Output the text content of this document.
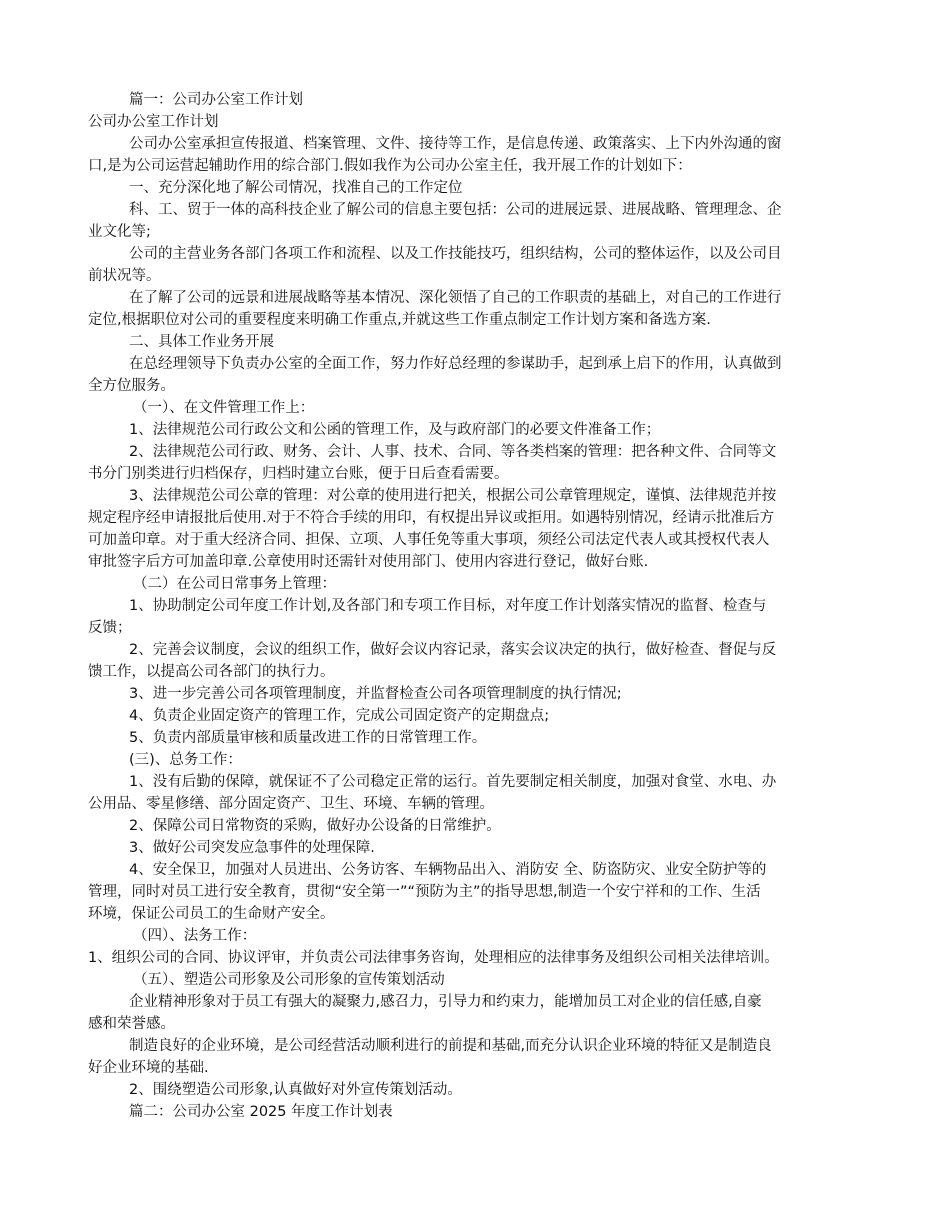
篇一：公司办公室工作计划
公司办公室工作计划
公司办公室承担宣传报道、档案管理、文件、接待等工作，是信息传递、政策落实、上下内外沟通的窗
口,是为公司运营起辅助作用的综合部门.假如我作为公司办公室主任，我开展工作的计划如下：
一、充分深化地了解公司情况，找准自己的工作定位
科、工、贸于一体的高科技企业了解公司的信息主要包括：公司的进展远景、进展战略、管理理念、企
业文化等;
公司的主营业务各部门各项工作和流程、以及工作技能技巧，组织结构，公司的整体运作，以及公司目
前状况等。
在了解了公司的远景和进展战略等基本情况、深化领悟了自己的工作职责的基础上，对自己的工作进行
定位,根据职位对公司的重要程度来明确工作重点,并就这些工作重点制定工作计划方案和备选方案.
二、具体工作业务开展
在总经理领导下负责办公室的全面工作，努力作好总经理的参谋助手，起到承上启下的作用，认真做到
全方位服务。
（一）、在文件管理工作上：
1、法律规范公司行政公文和公函的管理工作，及与政府部门的必要文件准备工作；
2、法律规范公司行政、财务、会计、人事、技术、合同、等各类档案的管理：把各种文件、合同等文
书分门别类进行归档保存，归档时建立台账，便于日后查看需要。
3、法律规范公司公章的管理：对公章的使用进行把关，根据公司公章管理规定，谨慎、法律规范并按
规定程序经申请报批后使用.对于不符合手续的用印，有权提出异议或拒用。如遇特别情况，经请示批准后方
可加盖印章。对于重大经济合同、担保、立项、人事任免等重大事项，须经公司法定代表人或其授权代表人
审批签字后方可加盖印章.公章使用时还需针对使用部门、使用内容进行登记，做好台账.
（二）在公司日常事务上管理：
1、协助制定公司年度工作计划,及各部门和专项工作目标，对年度工作计划落实情况的监督、检查与
反馈；
2、完善会议制度，会议的组织工作，做好会议内容记录，落实会议决定的执行，做好检查、督促与反
馈工作，以提高公司各部门的执行力。
3、进一步完善公司各项管理制度，并监督检查公司各项管理制度的执行情况;
4、负责企业固定资产的管理工作，完成公司固定资产的定期盘点;
5、负责内部质量审核和质量改进工作的日常管理工作。
(三)、总务工作：
1、没有后勤的保障，就保证不了公司稳定正常的运行。首先要制定相关制度，加强对食堂、水电、办
公用品、零星修缮、部分固定资产、卫生、环境、车辆的管理。
2、保障公司日常物资的采购，做好办公设备的日常维护。
3、做好公司突发应急事件的处理保障.
4、安全保卫，加强对人员进出、公务访客、车辆物品出入、消防安 全、防盗防灾、业安全防护等的
管理，同时对员工进行安全教育，贯彻“安全第一”“预防为主”的指导思想,制造一个安宁祥和的工作、生活
环境，保证公司员工的生命财产安全。
（四）、法务工作：
1、组织公司的合同、协议评审，并负责公司法律事务咨询，处理相应的法律事务及组织公司相关法律培训。
（五）、塑造公司形象及公司形象的宣传策划活动
企业精神形象对于员工有强大的凝聚力,感召力，引导力和约束力，能增加员工对企业的信任感,自豪
感和荣誉感。
制造良好的企业环境，是公司经营活动顺利进行的前提和基础,而充分认识企业环境的特征又是制造良
好企业环境的基础.
2、围绕塑造公司形象,认真做好对外宣传策划活动。
篇二：公司办公室 2025 年度工作计划表
